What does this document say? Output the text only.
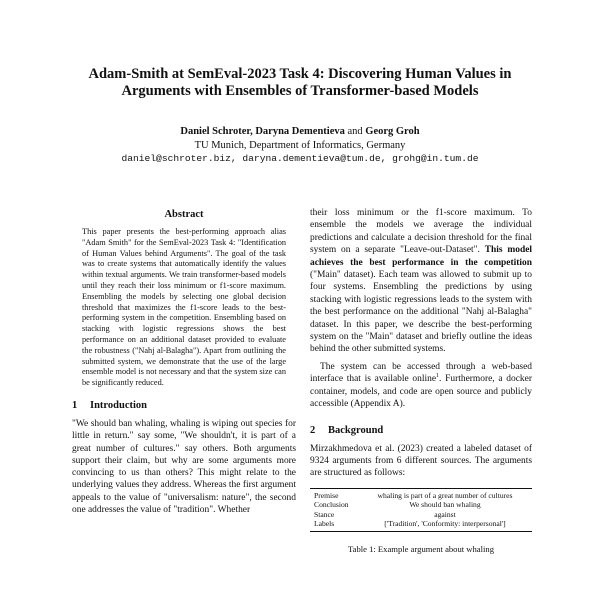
Adam-Smith at SemEval-2023 Task 4: Discovering Human Values in
Arguments with Ensembles of Transformer-based Models
Daniel Schroter, Daryna Dementieva and Georg Groh
TU Munich, Department of Informatics, Germany
daniel@schroter.biz, daryna.dementieva@tum.de, grohg@in.tum.de
Abstract
This paper presents the best-performing approach alias "Adam Smith" for the SemEval-2023 Task 4: "Identification of Human Values behind Arguments". The goal of the task was to create systems that automatically identify the values within textual arguments. We train transformer-based models until they reach their loss minimum or f1-score maximum. Ensembling the models by selecting one global decision threshold that maximizes the f1-score leads to the best-performing system in the competition. Ensembling based on stacking with logistic regressions shows the best performance on an additional dataset provided to evaluate the robustness ("Nahj al-Balagha"). Apart from outlining the submitted system, we demonstrate that the use of the large ensemble model is not necessary and that the system size can be significantly reduced.
1 Introduction
"We should ban whaling, whaling is wiping out species for little in return." say some, "We shouldn't, it is part of a great number of cultures." say others. Both arguments support their claim, but why are some arguments more convincing to us than others? This might relate to the underlying values they address. Whereas the first argument appeals to the value of "universalism: nature", the second one addresses the value of "tradition". Whether
their loss minimum or the f1-score maximum. To ensemble the models we average the individual predictions and calculate a decision threshold for the final system on a separate "Leave-out-Dataset". This model achieves the best performance in the competition ("Main" dataset). Each team was allowed to submit up to four systems. Ensembling the predictions by using stacking with logistic regressions leads to the system with the best performance on the additional "Nahj al-Balagha" dataset. In this paper, we describe the best-performing system on the "Main" dataset and briefly outline the ideas behind the other submitted systems.
The system can be accessed through a web-based interface that is available online$^1$. Furthermore, a docker container, models, and code are open source and publicly accessible (Appendix A).
2 Background
Mirzakhmedova et al. (2023) created a labeled dataset of 9324 arguments from 6 different sources. The arguments are structured as follows:
Premise	whaling is part of a great number of cultures
Conclusion	We should ban whaling
Stance	against
Labels	['Tradition', 'Conformity: interpersonal']
Table 1: Example argument about whaling
